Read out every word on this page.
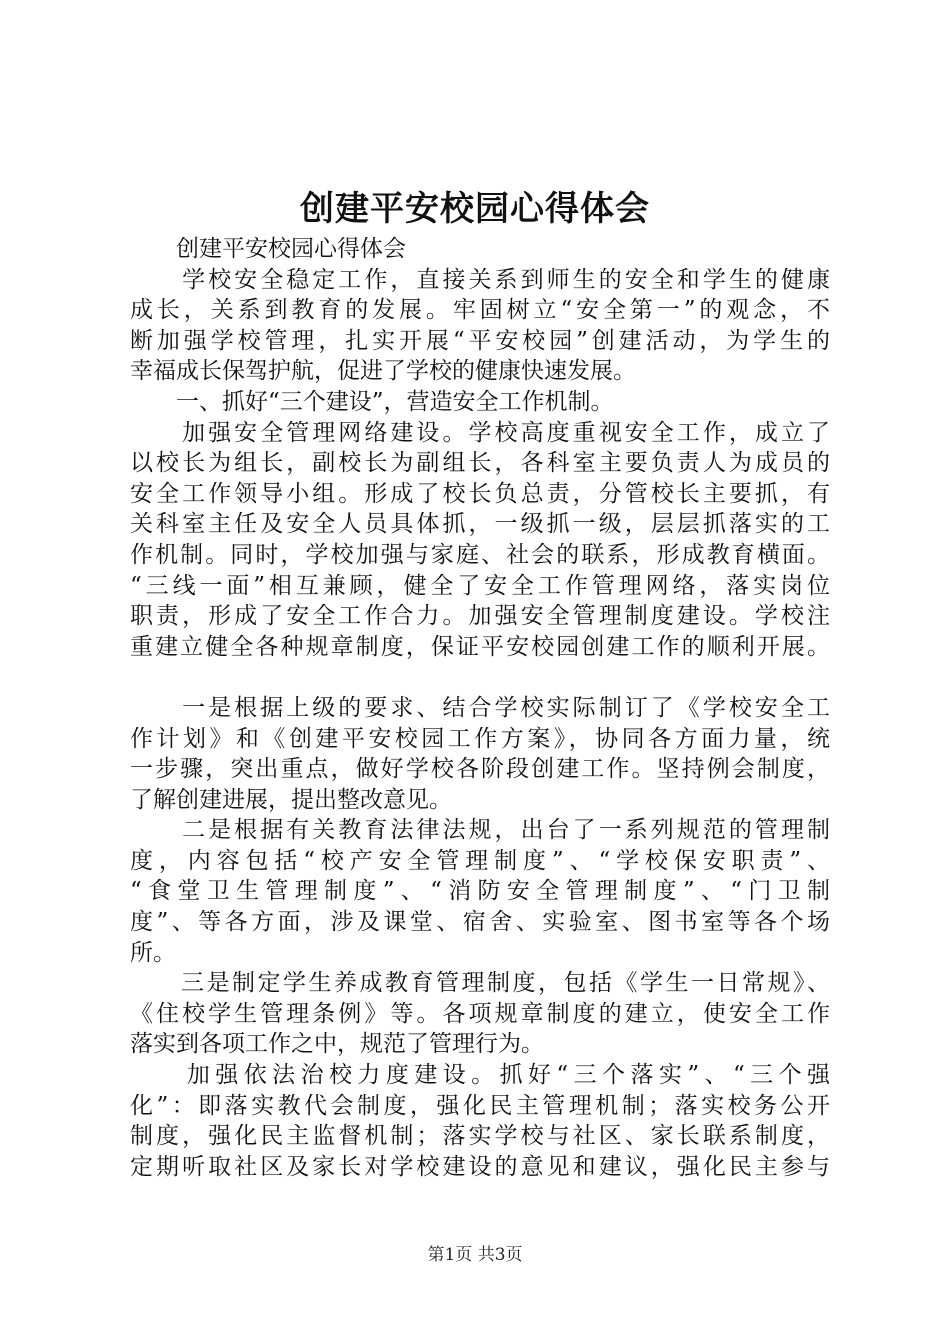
创建平安校园心得体会
　　创建平安校园心得体会
　　学校安全稳定工作，直接关系到师生的安全和学生的健康
成长，关系到教育的发展。牢固树立“安全第一”的观念，不
断加强学校管理，扎实开展“平安校园”创建活动，为学生的
幸福成长保驾护航，促进了学校的健康快速发展。
　　一、抓好“三个建设”，营造安全工作机制。
　　加强安全管理网络建设。学校高度重视安全工作，成立了
以校长为组长，副校长为副组长，各科室主要负责人为成员的
安全工作领导小组。形成了校长负总责，分管校长主要抓，有
关科室主任及安全人员具体抓，一级抓一级，层层抓落实的工
作机制。同时，学校加强与家庭、社会的联系，形成教育横面。
“三线一面”相互兼顾，健全了安全工作管理网络，落实岗位
职责，形成了安全工作合力。加强安全管理制度建设。学校注
重建立健全各种规章制度，保证平安校园创建工作的顺利开展。
　　一是根据上级的要求、结合学校实际制订了《学校安全工
作计划》和《创建平安校园工作方案》，协同各方面力量，统
一步骤，突出重点，做好学校各阶段创建工作。坚持例会制度，
了解创建进展，提出整改意见。
　　二是根据有关教育法律法规，出台了一系列规范的管理制
度，内容包括“校产安全管理制度”、“学校保安职责”、
“食堂卫生管理制度”、“消防安全管理制度”、“门卫制
度”、等各方面，涉及课堂、宿舍、实验室、图书室等各个场
所。
　　三是制定学生养成教育管理制度，包括《学生一日常规》、
《住校学生管理条例》等。各项规章制度的建立，使安全工作
落实到各项工作之中，规范了管理行为。
　　加强依法治校力度建设。抓好“三个落实”、“三个强
化”：即落实教代会制度，强化民主管理机制；落实校务公开
制度，强化民主监督机制；落实学校与社区、家长联系制度，
定期听取社区及家长对学校建设的意见和建议，强化民主参与
第1页 共3页
